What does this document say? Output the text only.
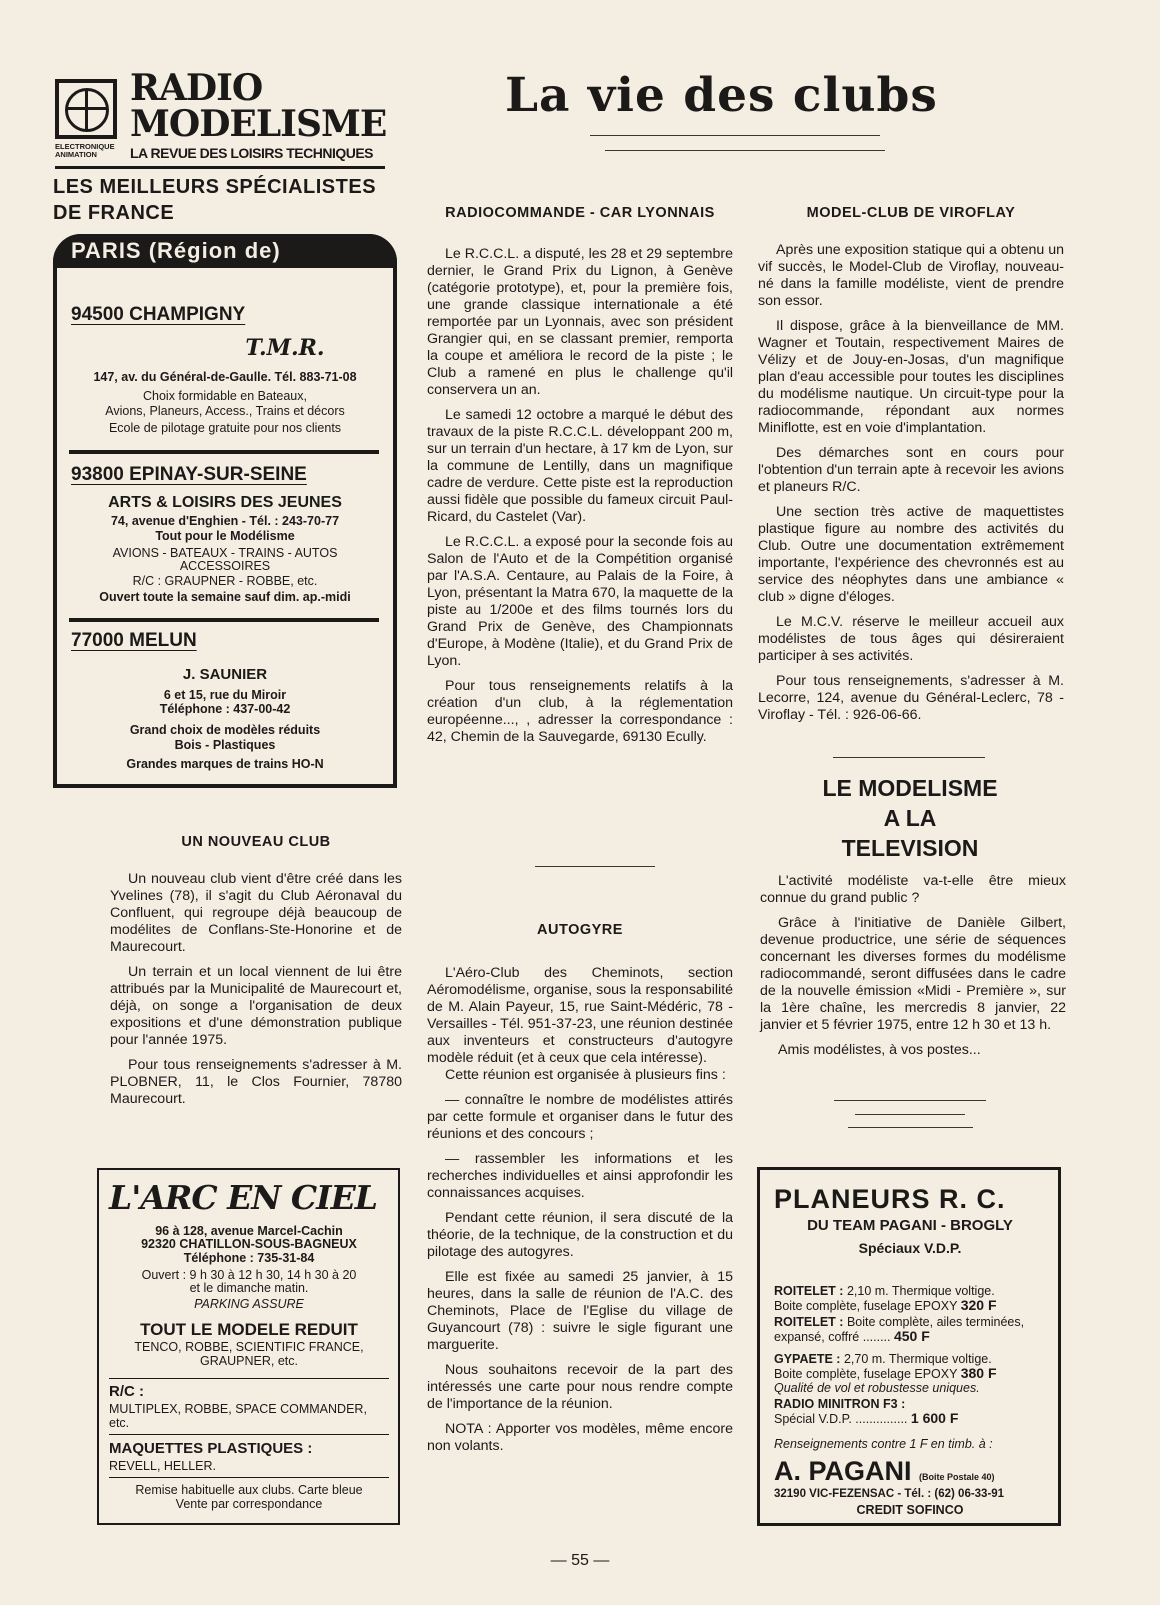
RADIO
MODELISME
ELECTRONIQUE
ANIMATION	LA REVUE DES LOISIRS TECHNIQUES
LES MEILLEURS SPÉCIALISTES
DE FRANCE
La vie des clubs
PARIS (Région de)
94500 CHAMPIGNY
T.M.R.
147, av. du Général-de-Gaulle. Tél. 883-71-08
Choix formidable en Bateaux,
Avions, Planeurs, Access., Trains et décors
Ecole de pilotage gratuite pour nos clients
93800 EPINAY-SUR-SEINE
ARTS & LOISIRS DES JEUNES
74, avenue d'Enghien - Tél. : 243-70-77
Tout pour le Modélisme
AVIONS - BATEAUX - TRAINS - AUTOS
ACCESSOIRES
R/C : GRAUPNER - ROBBE, etc.
Ouvert toute la semaine sauf dim. ap.-midi
77000 MELUN
J. SAUNIER
6 et 15, rue du Miroir
Téléphone : 437-00-42
Grand choix de modèles réduits
Bois - Plastiques
Grandes marques de trains HO-N
UN NOUVEAU CLUB

Un nouveau club vient d'être créé dans les Yvelines (78), il s'agit du Club Aéronaval du Confluent, qui regroupe déjà beaucoup de modélites de Conflans-Ste-Honorine et de Maurecourt.

Un terrain et un local viennent de lui être attribués par la Municipalité de Maurecourt et, déjà, on songe a l'organisation de deux expositions et d'une démonstration publique pour l'année 1975.

Pour tous renseignements s'adresser à M. PLOBNER, 11, le Clos Fournier, 78780 Maurecourt.

L'ARC EN CIEL
96 à 128, avenue Marcel-Cachin
92320 CHATILLON-SOUS-BAGNEUX
Téléphone : 735-31-84
Ouvert : 9 h 30 à 12 h 30, 14 h 30 à 20
et le dimanche matin.
PARKING ASSURE
TOUT LE MODELE REDUIT
TENCO, ROBBE, SCIENTIFIC FRANCE, GRAUPNER, etc.
R/C :
MULTIPLEX, ROBBE, SPACE COMMANDER, etc.
MAQUETTES PLASTIQUES :
REVELL, HELLER.
Remise habituelle aux clubs. Carte bleue
Vente par correspondance
RADIOCOMMANDE - CAR LYONNAIS

Le R.C.C.L. a disputé, les 28 et 29 septembre dernier, le Grand Prix du Lignon, à Genève (catégorie prototype), et, pour la première fois, une grande classique internationale a été remportée par un Lyonnais, avec son président Grangier qui, en se classant premier, remporta la coupe et améliora le record de la piste ; le Club a ramené en plus le challenge qu'il conservera un an.

Le samedi 12 octobre a marqué le début des travaux de la piste R.C.C.L. développant 200 m, sur un terrain d'un hectare, à 17 km de Lyon, sur la commune de Lentilly, dans un magnifique cadre de verdure. Cette piste est la reproduction aussi fidèle que possible du fameux circuit Paul-Ricard, du Castelet (Var).

Le R.C.C.L. a exposé pour la seconde fois au Salon de l'Auto et de la Compétition organisé par l'A.S.A. Centaure, au Palais de la Foire, à Lyon, présentant la Matra 670, la maquette de la piste au 1/200e et des films tournés lors du Grand Prix de Genève, des Championnats d'Europe, à Modène (Italie), et du Grand Prix de Lyon.

Pour tous renseignements relatifs à la création d'un club, à la réglementation européenne..., , adresser la correspondance : 42, Chemin de la Sauvegarde, 69130 Ecully.

AUTOGYRE

L'Aéro-Club des Cheminots, section Aéromodélisme, organise, sous la responsabilité de M. Alain Payeur, 15, rue Saint-Médéric, 78 - Versailles - Tél. 951-37-23, une réunion destinée aux inventeurs et constructeurs d'autogyre modèle réduit (et à ceux que cela intéresse).

Cette réunion est organisée à plusieurs fins :

— connaître le nombre de modélistes attirés par cette formule et organiser dans le futur des réunions et des concours ;

— rassembler les informations et les recherches individuelles et ainsi approfondir les connaissances acquises.

Pendant cette réunion, il sera discuté de la théorie, de la technique, de la construction et du pilotage des autogyres.

Elle est fixée au samedi 25 janvier, à 15 heures, dans la salle de réunion de l'A.C. des Cheminots, Place de l'Eglise du village de Guyancourt (78) : suivre le sigle figurant une marguerite.

Nous souhaitons recevoir de la part des intéressés une carte pour nous rendre compte de l'importance de la réunion.

NOTA : Apporter vos modèles, même encore non volants.

MODEL-CLUB DE VIROFLAY

Après une exposition statique qui a obtenu un vif succès, le Model-Club de Viroflay, nouveau-né dans la famille modéliste, vient de prendre son essor.

Il dispose, grâce à la bienveillance de MM. Wagner et Toutain, respectivement Maires de Vélizy et de Jouy-en-Josas, d'un magnifique plan d'eau accessible pour toutes les disciplines du modélisme nautique. Un circuit-type pour la radiocommande, répondant aux normes Miniflotte, est en voie d'implantation.

Des démarches sont en cours pour l'obtention d'un terrain apte à recevoir les avions et planeurs R/C.

Une section très active de maquettistes plastique figure au nombre des activités du Club. Outre une documentation extrêmement importante, l'expérience des chevronnés est au service des néophytes dans une ambiance « club » digne d'éloges.

Le M.C.V. réserve le meilleur accueil aux modélistes de tous âges qui désireraient participer à ses activités.

Pour tous renseignements, s'adresser à M. Lecorre, 124, avenue du Général-Leclerc, 78 - Viroflay - Tél. : 926-06-66.

LE MODELISME
A LA
TELEVISION

L'activité modéliste va-t-elle être mieux connue du grand public ?

Grâce à l'initiative de Danièle Gilbert, devenue productrice, une série de séquences concernant les diverses formes du modélisme radiocommandé, seront diffusées dans le cadre de la nouvelle émission «Midi - Première », sur la 1ère chaîne, les mercredis 8 janvier, 22 janvier et 5 février 1975, entre 12 h 30 et 13 h.

Amis modélistes, à vos postes...

PLANEURS R. C.
DU TEAM PAGANI - BROGLY
Spéciaux V.D.P.
ROITELET : 2,10 m. Thermique voltige.
Boite complète, fuselage EPOXY 320 F
ROITELET : Boite complète, ailes terminées, expansé, coffré ........ 450 F
GYPAETE : 2,70 m. Thermique voltige.
Boite complète, fuselage EPOXY 380 F
Qualité de vol et robustesse uniques.
RADIO MINITRON F3 :
Spécial V.D.P. ............... 1 600 F
Renseignements contre 1 F en timb. à :
A. PAGANI (Boite Postale 40)
32190 VIC-FEZENSAC - Tél. : (62) 06-33-91
CREDIT SOFINCO
— 55 —
